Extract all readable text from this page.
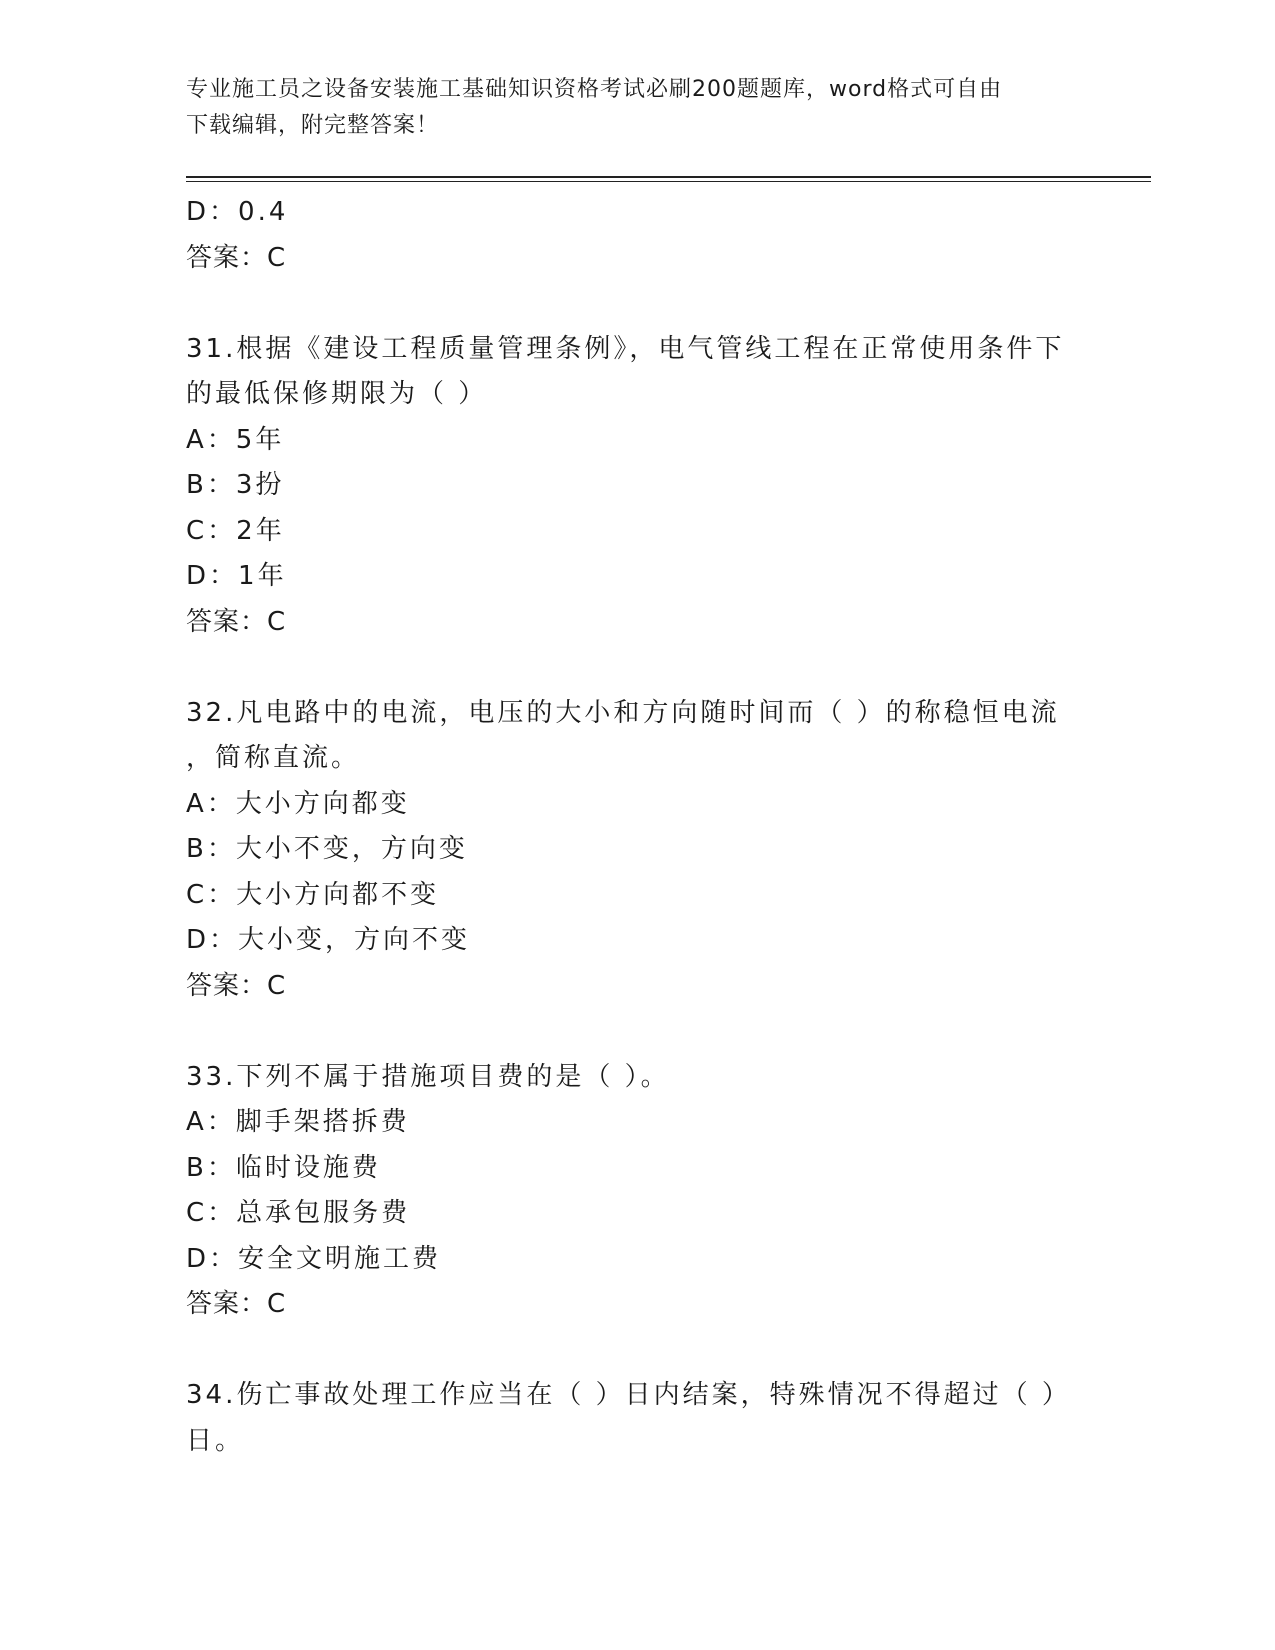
专业施工员之设备安装施工基础知识资格考试必刷200题题库，word格式可自由
下载编辑，附完整答案！
D：0.4
答案：C
31.根据《建设工程质量管理条例》，电气管线工程在正常使用条件下
的最低保修期限为（ ）
A：5年
B：3扮
C：2年
D：1年
答案：C
32.凡电路中的电流，电压的大小和方向随时间而（ ）的称稳恒电流
，简称直流。
A：大小方向都变
B：大小不变，方向变
C：大小方向都不变
D：大小变，方向不变
答案：C
33.下列不属于措施项目费的是（ ）。
A：脚手架搭拆费
B：临时设施费
C：总承包服务费
D：安全文明施工费
答案：C
34.伤亡事故处理工作应当在（ ）日内结案，特殊情况不得超过（ ）
日。
